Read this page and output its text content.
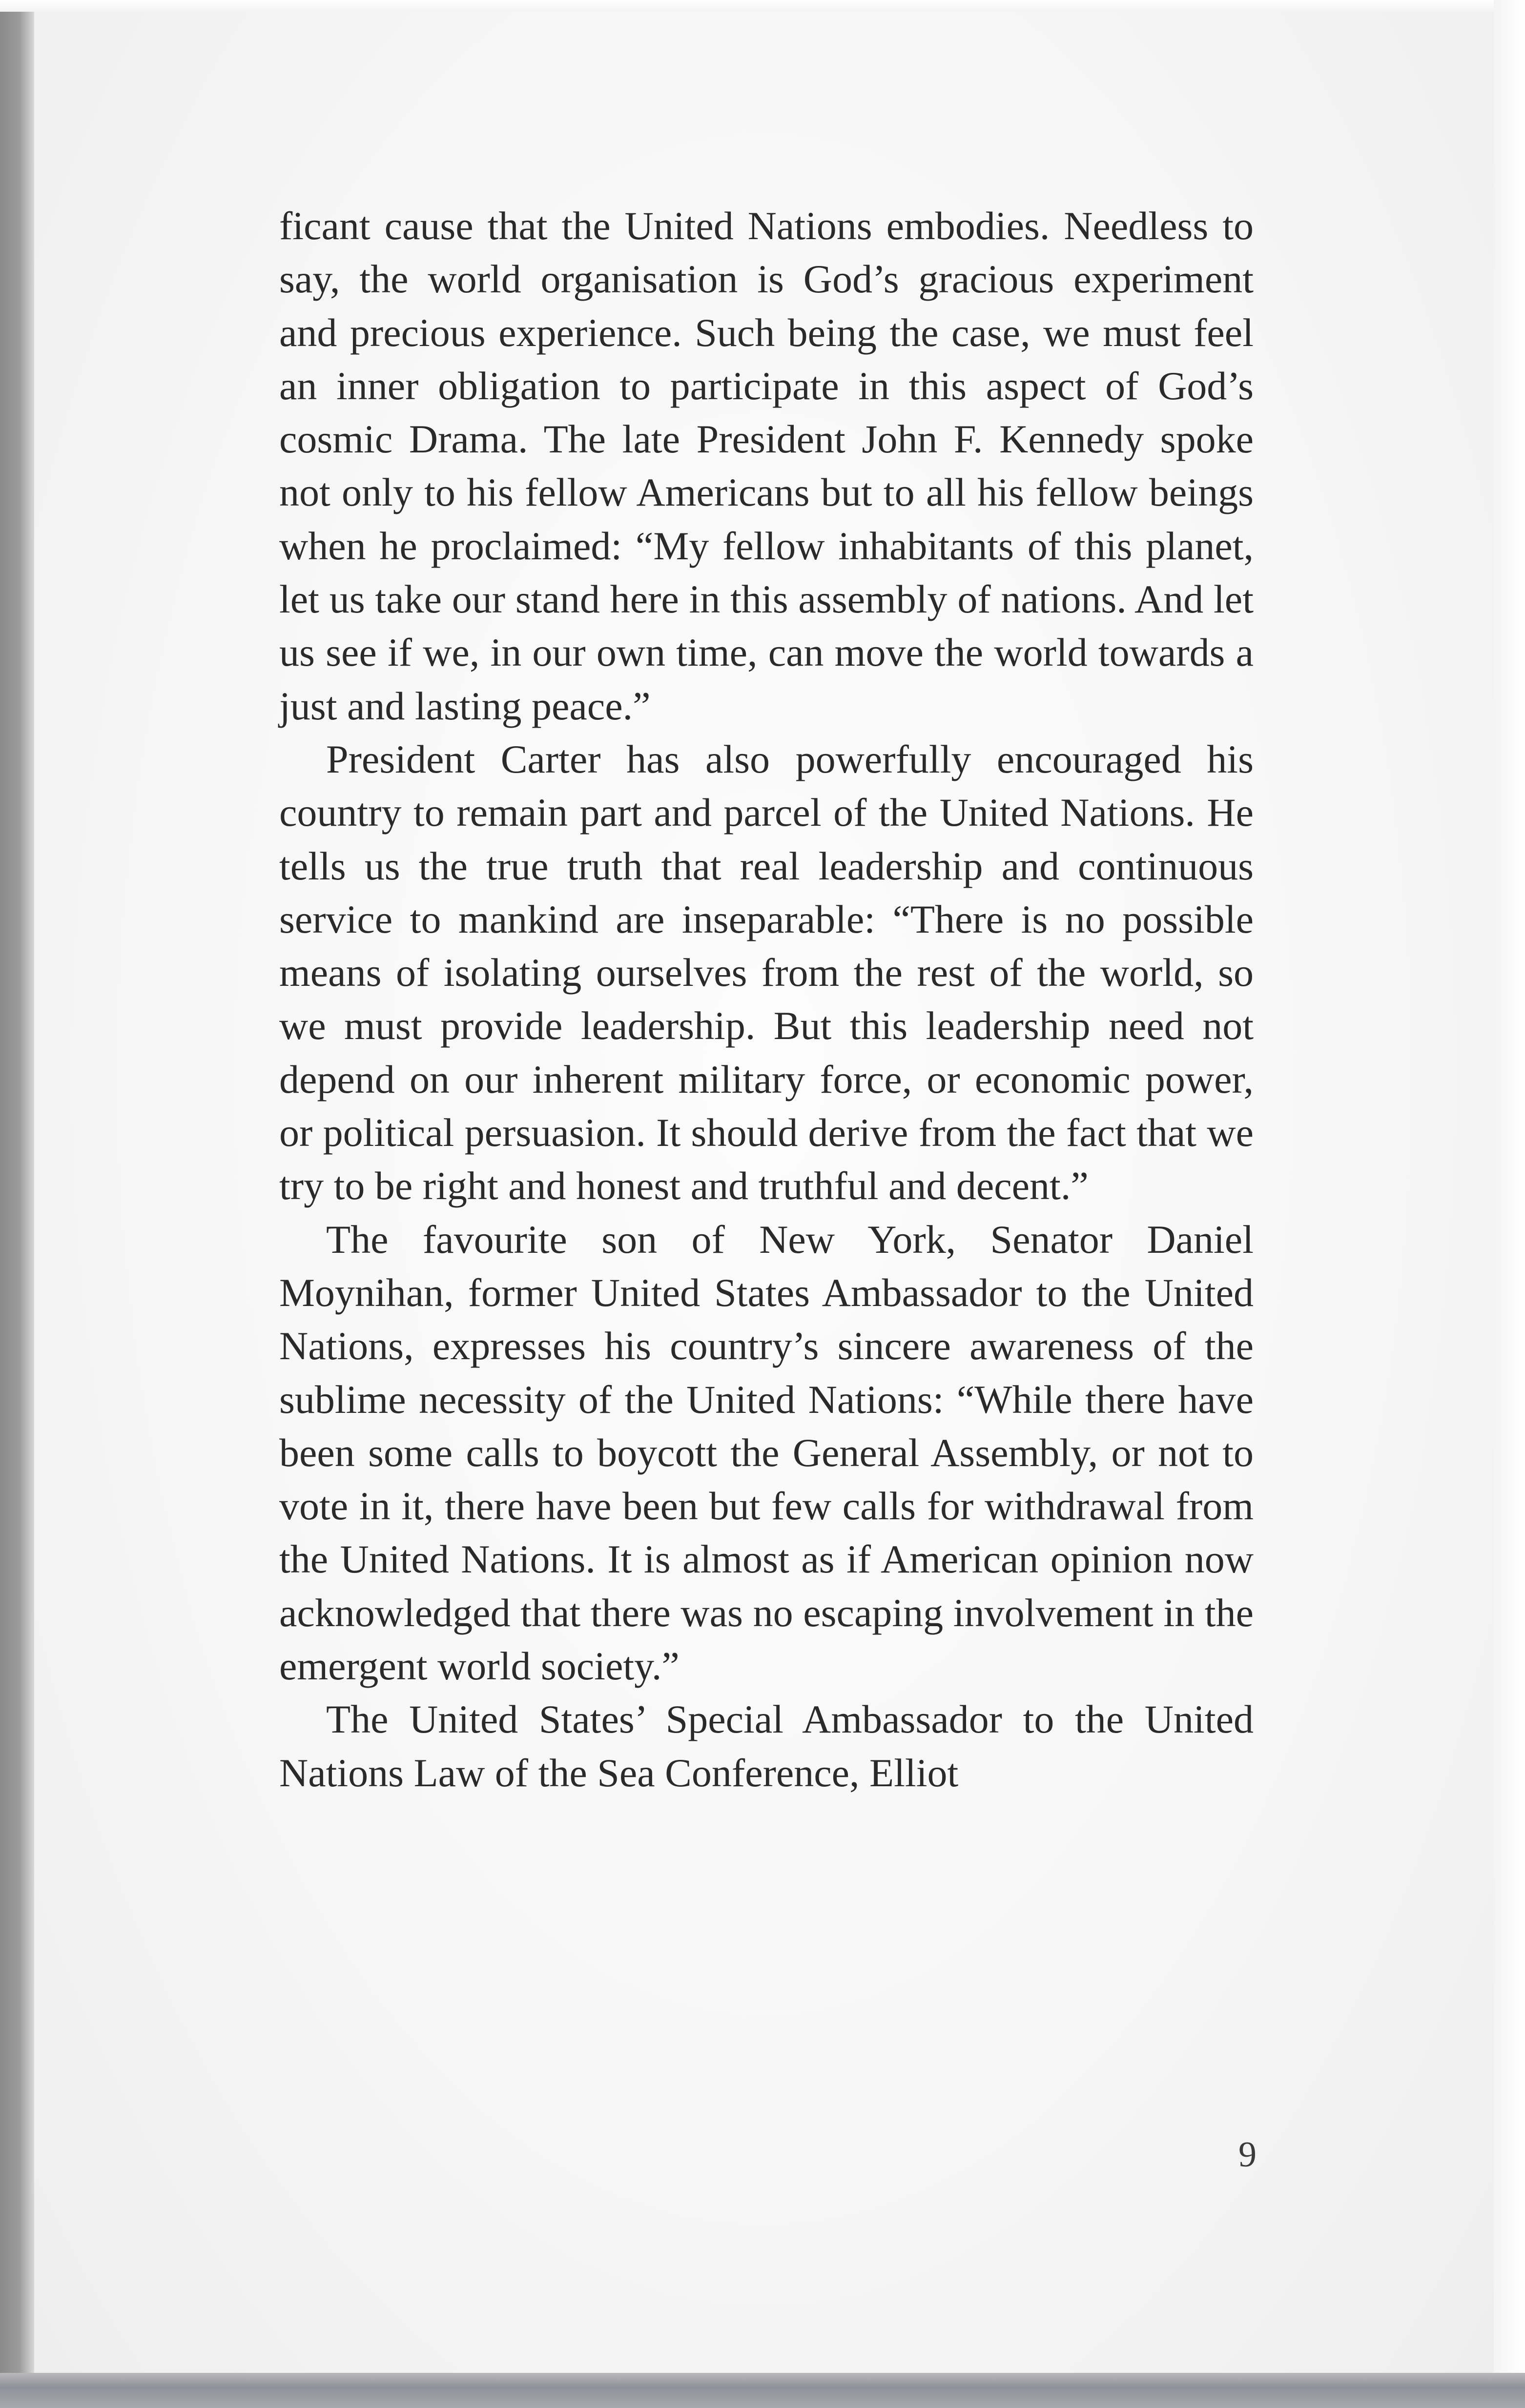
ficant cause that the United Nations embodies. Needless to say, the world organisation is God’s gracious experiment and precious experience. Such being the case, we must feel an inner obligation to participate in this aspect of God’s cosmic Drama. The late President John F. Kennedy spoke not only to his fellow Americans but to all his fellow beings when he proclaimed: “My fellow inhabitants of this planet, let us take our stand here in this assembly of nations. And let us see if we, in our own time, can move the world towards a just and lasting peace.”

President Carter has also powerfully encouraged his country to remain part and parcel of the United Nations. He tells us the true truth that real leadership and continuous service to mankind are inseparable: “There is no possible means of isolating ourselves from the rest of the world, so we must provide leadership. But this leadership need not depend on our inherent military force, or economic power, or political persuasion. It should derive from the fact that we try to be right and honest and truthful and decent.”

The favourite son of New York, Senator Daniel Moynihan, former United States Ambassador to the United Nations, expresses his country’s sincere awareness of the sublime necessity of the United Nations: “While there have been some calls to boycott the General Assembly, or not to vote in it, there have been but few calls for withdrawal from the United Nations. It is almost as if American opinion now acknowledged that there was no escaping involvement in the emergent world society.”

The United States’ Special Ambassador to the United Nations Law of the Sea Conference, Elliot

9
